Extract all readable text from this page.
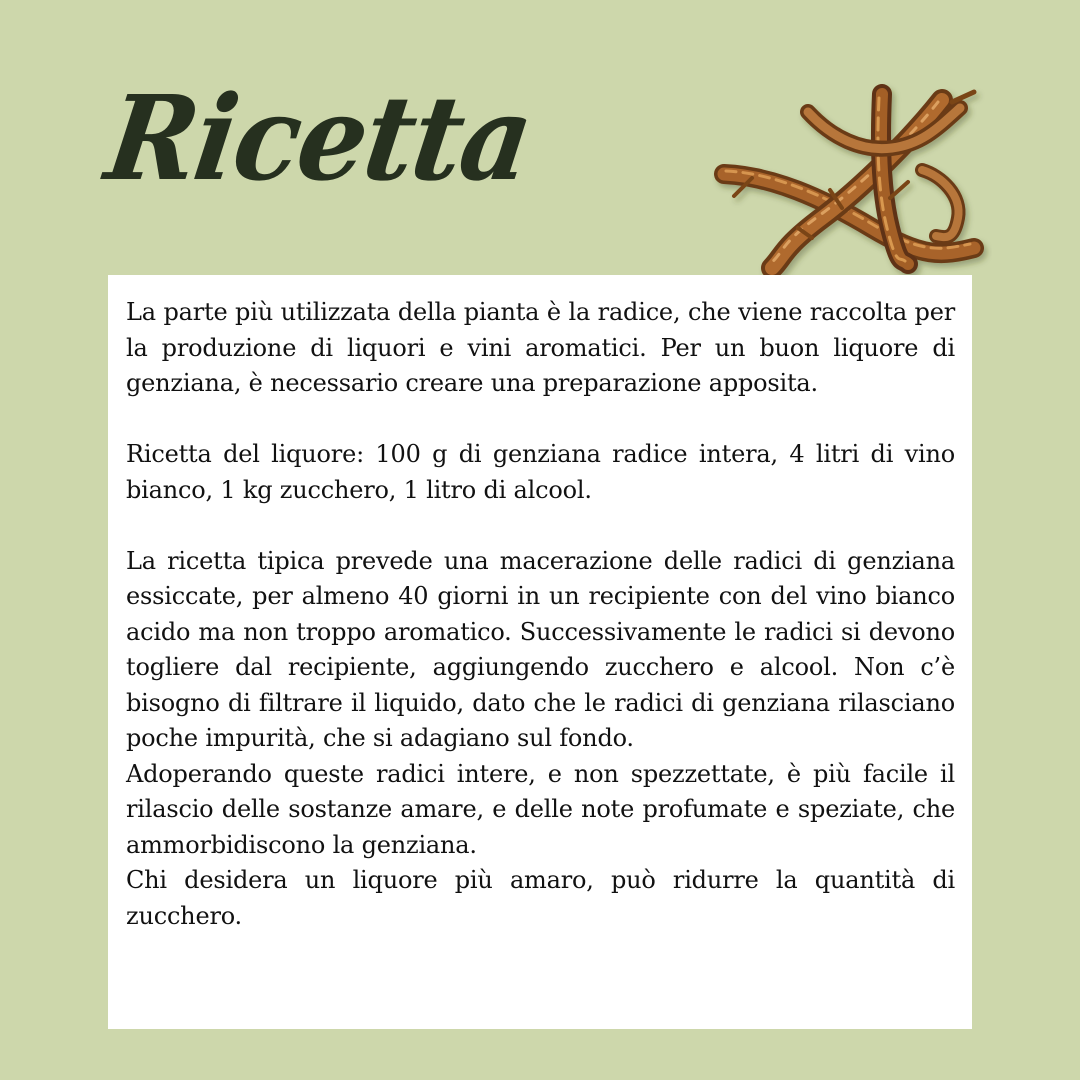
Ricetta

La parte più utilizzata della pianta è la radice, che viene raccolta per la produzione di liquori e vini aromatici. Per un buon liquore di genziana, è necessario creare una preparazione apposita.

Ricetta del liquore: 100 g di genziana radice intera, 4 litri di vino bianco, 1 kg zucchero, 1 litro di alcool.

La ricetta tipica prevede una macerazione delle radici di genziana essiccate, per almeno 40 giorni in un recipiente con del vino bianco acido ma non troppo aromatico. Successivamente le radici si devono togliere dal recipiente, aggiungendo zucchero e alcool. Non c’è bisogno di filtrare il liquido, dato che le radici di genziana rilasciano poche impurità, che si adagiano sul fondo.

Adoperando queste radici intere, e non spezzettate, è più facile il rilascio delle sostanze amare, e delle note profumate e speziate, che ammorbidiscono la genziana.

Chi desidera un liquore più amaro, può ridurre la quantità di zucchero.
